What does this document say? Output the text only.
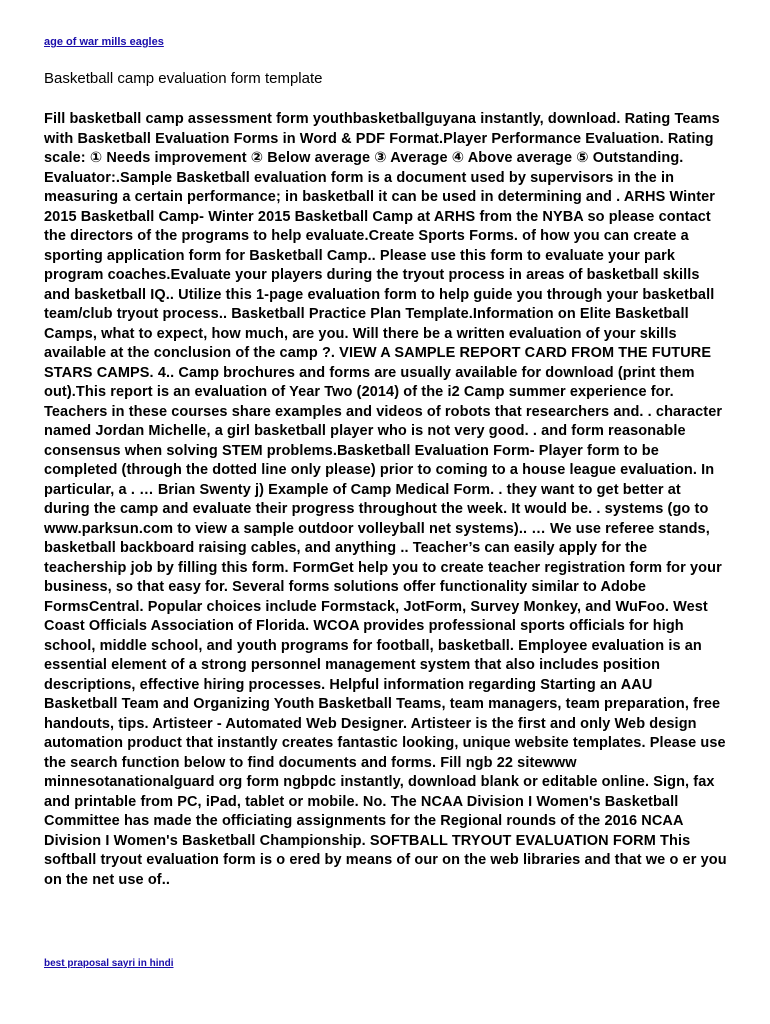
age of war mills eagles
Basketball camp evaluation form template

Fill basketball camp assessment form youthbasketballguyana instantly, download. Rating Teams with Basketball Evaluation Forms in Word & PDF Format.Player Performance Evaluation. Rating scale: ① Needs improvement ② Below average ③ Average ④ Above average ⑤ Outstanding. Evaluator:.Sample Basketball evaluation form is a document used by supervisors in the in measuring a certain performance; in basketball it can be used in determining and . ARHS Winter 2015 Basketball Camp- Winter 2015 Basketball Camp at ARHS from the NYBA so please contact the directors of the programs to help evaluate.Create Sports Forms. of how you can create a sporting application form for Basketball Camp.. Please use this form to evaluate your park program coaches.Evaluate your players during the tryout process in areas of basketball skills and basketball IQ.. Utilize this 1-page evaluation form to help guide you through your basketball team/club tryout process.. Basketball Practice Plan Template.Information on Elite Basketball Camps, what to expect, how much, are you. Will there be a written evaluation of your skills available at the conclusion of the camp ?. VIEW A SAMPLE REPORT CARD FROM THE FUTURE STARS CAMPS. 4.. Camp brochures and forms are usually available for download (print them out).This report is an evaluation of Year Two (2014) of the i2 Camp summer experience for. Teachers in these courses share examples and videos of robots that researchers and. . character named Jordan Michelle, a girl basketball player who is not very good. . and form reasonable consensus when solving STEM problems.Basketball Evaluation Form- Player form to be completed (through the dotted line only please) prior to coming to a house league evaluation. In particular, a . … Brian Swenty j) Example of Camp Medical Form. . they want to get better at during the camp and evaluate their progress throughout the week. It would be. . systems (go to www.parksun.com to view a sample outdoor volleyball net systems).. … We use referee stands, basketball backboard raising cables, and anything .. Teacher’s can easily apply for the teachership job by filling this form. FormGet help you to create teacher registration form for your business, so that easy for. Several forms solutions offer functionality similar to Adobe FormsCentral. Popular choices include Formstack, JotForm, Survey Monkey, and WuFoo. West Coast Officials Association of Florida. WCOA provides professional sports officials for high school, middle school, and youth programs for football, basketball. Employee evaluation is an essential element of a strong personnel management system that also includes position descriptions, effective hiring processes. Helpful information regarding Starting an AAU Basketball Team and Organizing Youth Basketball Teams, team managers, team preparation, free handouts, tips. Artisteer - Automated Web Designer. Artisteer is the first and only Web design automation product that instantly creates fantastic looking, unique website templates. Please use the search function below to find documents and forms. Fill ngb 22 sitewww minnesotanationalguard org form ngbpdc instantly, download blank or editable online. Sign, fax and printable from PC, iPad, tablet or mobile. No. The NCAA Division I Women's Basketball Committee has made the officiating assignments for the Regional rounds of the 2016 NCAA Division I Women's Basketball Championship. SOFTBALL TRYOUT EVALUATION FORM This softball tryout evaluation form is o ered by means of our on the web libraries and that we o er you on the net use of..

best praposal sayri in hindi
